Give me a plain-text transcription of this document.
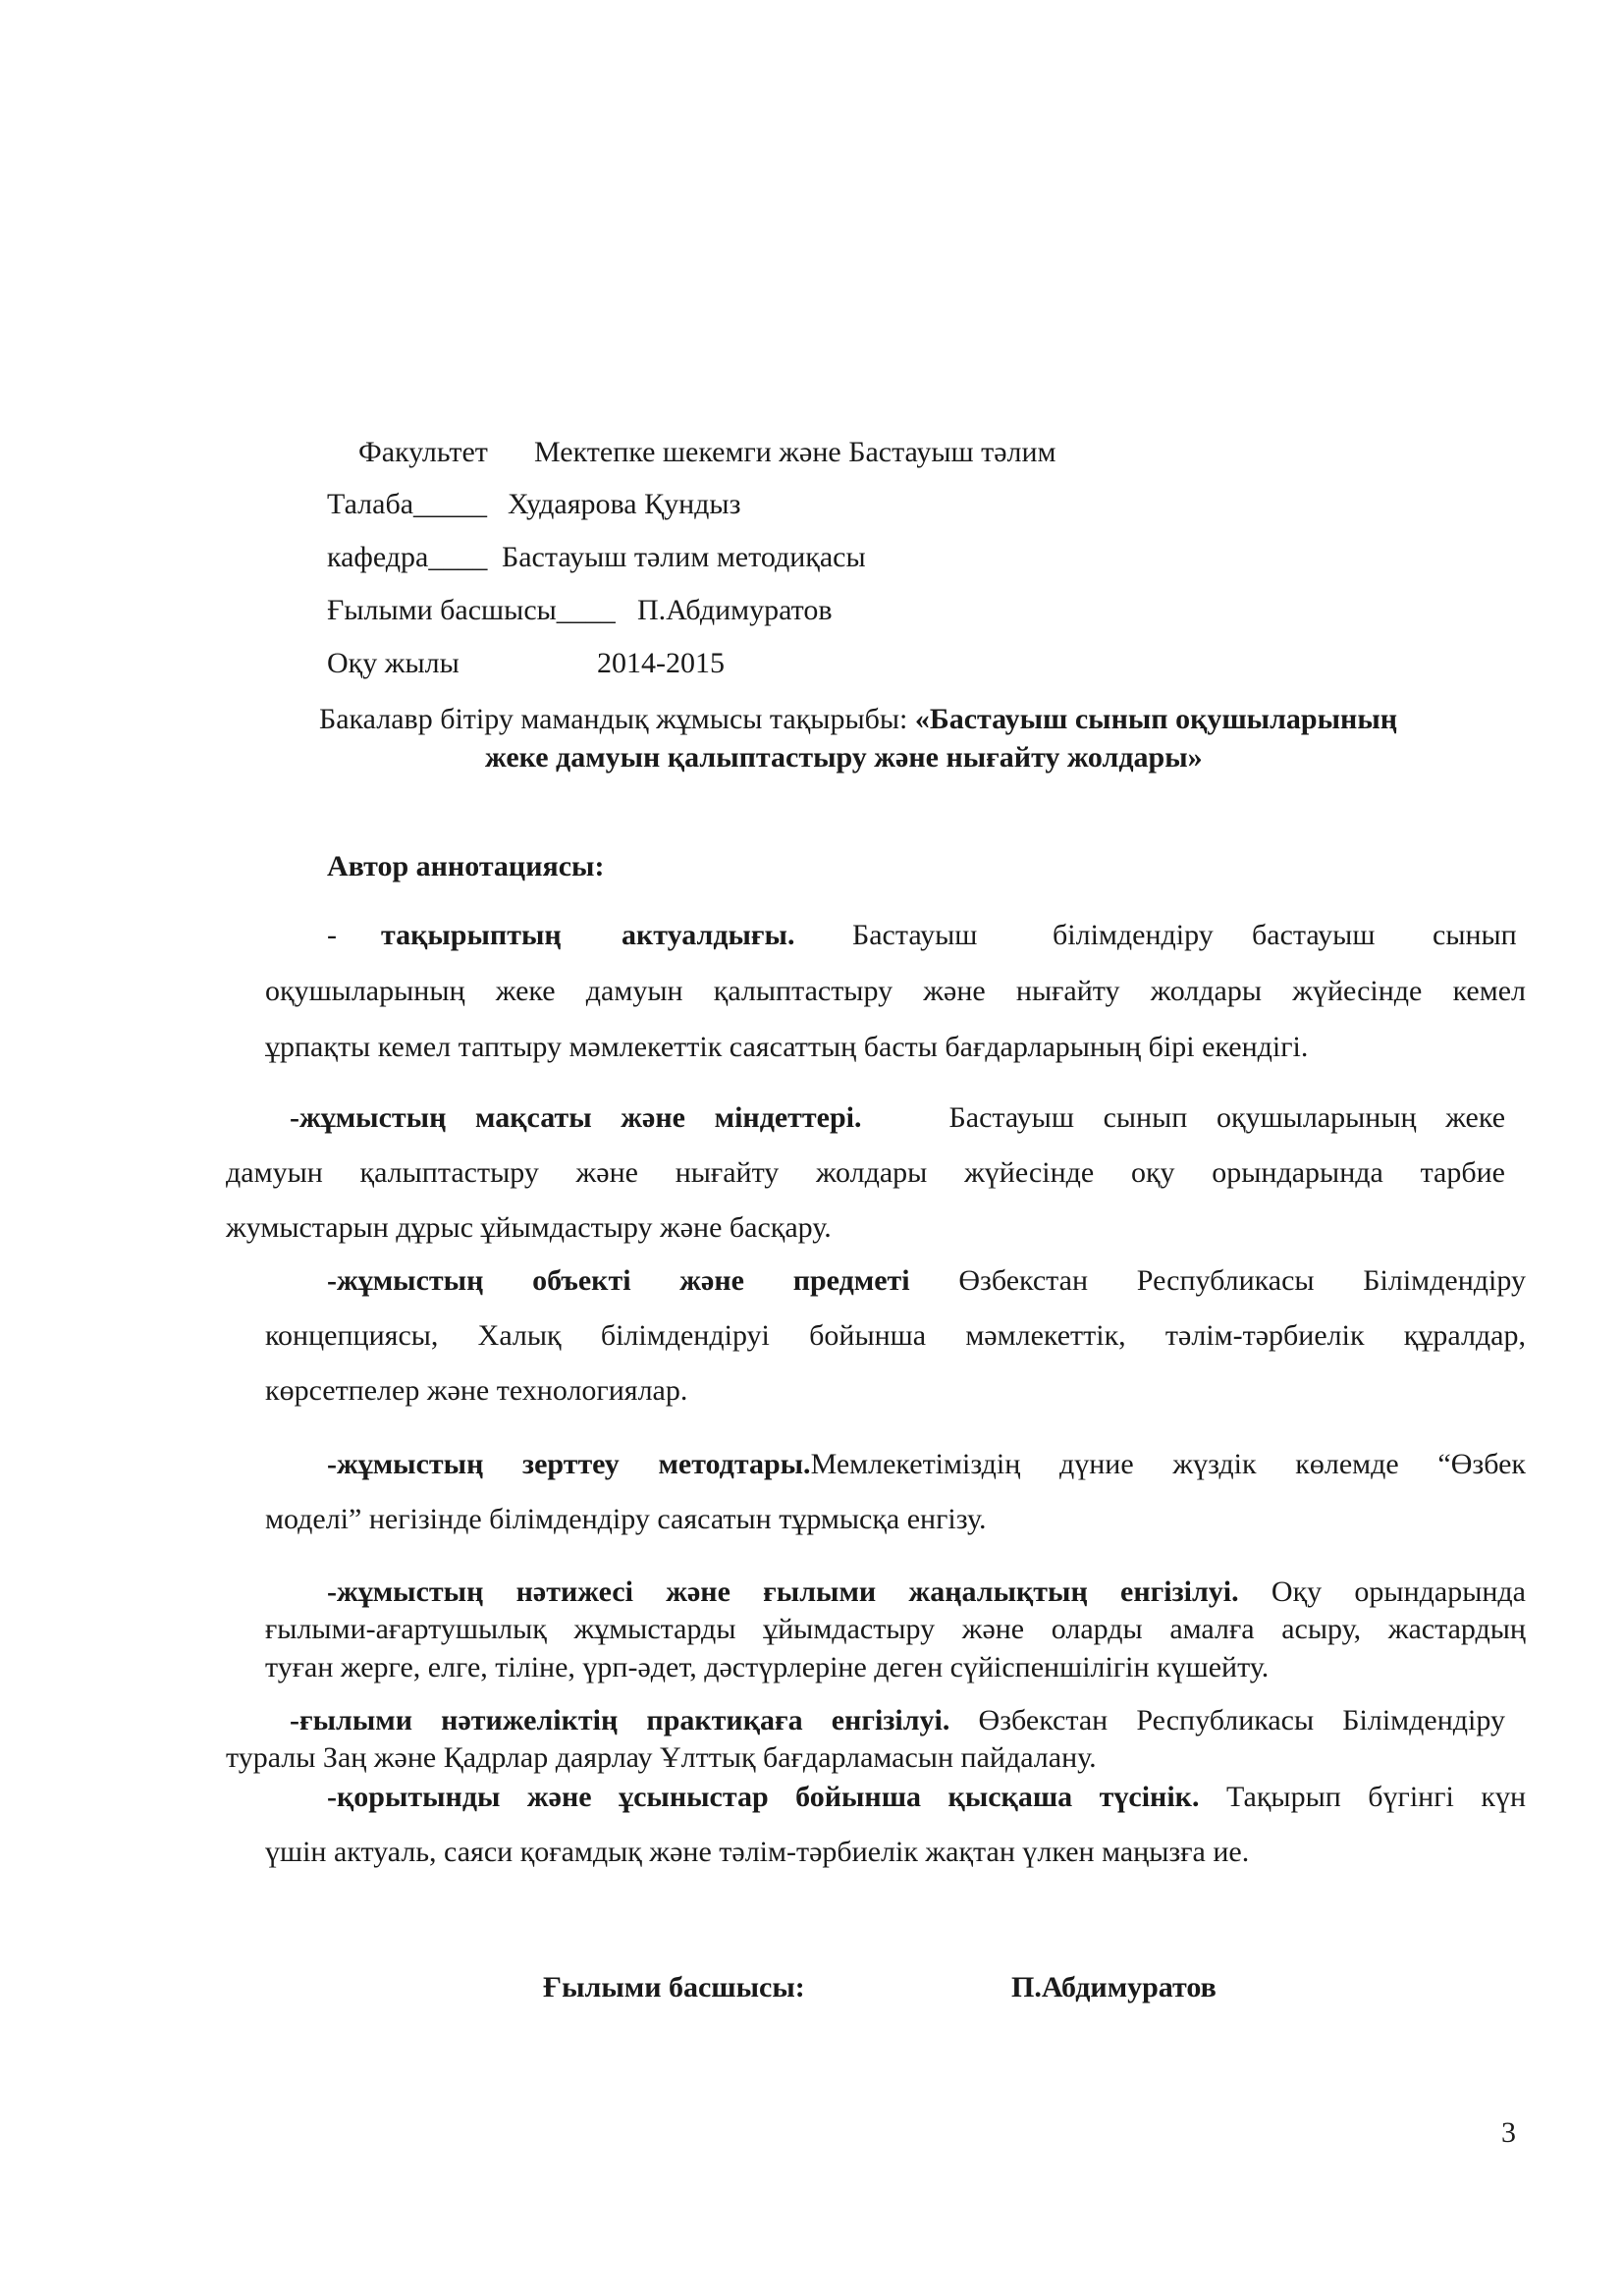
Факультет Мектепке шекемги және Бастауыш тәлим
Талаба_____ Худаярова Қундыз
кафедра____ Бастауыш тәлим методиқасы
Ғылыми басшысы____ П.Абдимуратов
Оқу жылы	2014-2015
Бакалавр бітіру мамандық жұмысы тақырыбы: «Бастауыш сынып оқушыларының
жеке дамуын қалыптастыру және нығайту жолдары»
Автор аннотациясы:
- тақырыптың актуалдығы. Бастауыш	білімдендіру бастауыш сынып
оқушыларының жеке дамуын қалыптастыру және нығайту жолдары жүйесінде кемел
ұрпақты кемел таптыру мәмлекеттік саясаттың басты бағдарларының бірі екендігі.
-жұмыстың мақсаты және міндеттері.	Бастауыш сынып оқушыларының жеке
дамуын қалыптастыру және нығайту жолдары жүйесінде оқу орындарында тарбие
жумыстарын дұрыс ұйымдастыру және басқару.
-жұмыстың объекті және предметі Өзбекстан Республикасы Білімдендіру
концепциясы, Халық білімдендіруі бойынша мәмлекеттік, тәлім-тәрбиелік құралдар,
көрсетпелер және технологиялар.
-жұмыстың зерттеу методтары.Мемлекетіміздің дүние жүздік көлемде “Өзбек
моделі” негізінде білімдендіру саясатын тұрмысқа енгізу.
-жұмыстың нәтижесі және ғылыми жаңалықтың енгізілуі. Оқу орындарында
ғылыми-ағартушылық жұмыстарды ұйымдастыру және оларды амалға асыру, жастардың
туған жерге, елге, тіліне, үрп-әдет, дәстүрлеріне деген сүйіспеншілігін күшейту.
-ғылыми нәтижеліктің практиқаға енгізілуі. Өзбекстан Республикасы Білімдендіру
туралы Заң және Қадрлар даярлау Ұлттық бағдарламасын пайдалану.
-қорытынды және ұсыныстар бойынша қысқаша түсінік. Тақырып бүгінгі күн
үшін актуаль, саяси қоғамдық және тәлім-тәрбиелік жақтан үлкен маңызға ие.
Ғылыми басшысы:	П.Абдимуратов
3
